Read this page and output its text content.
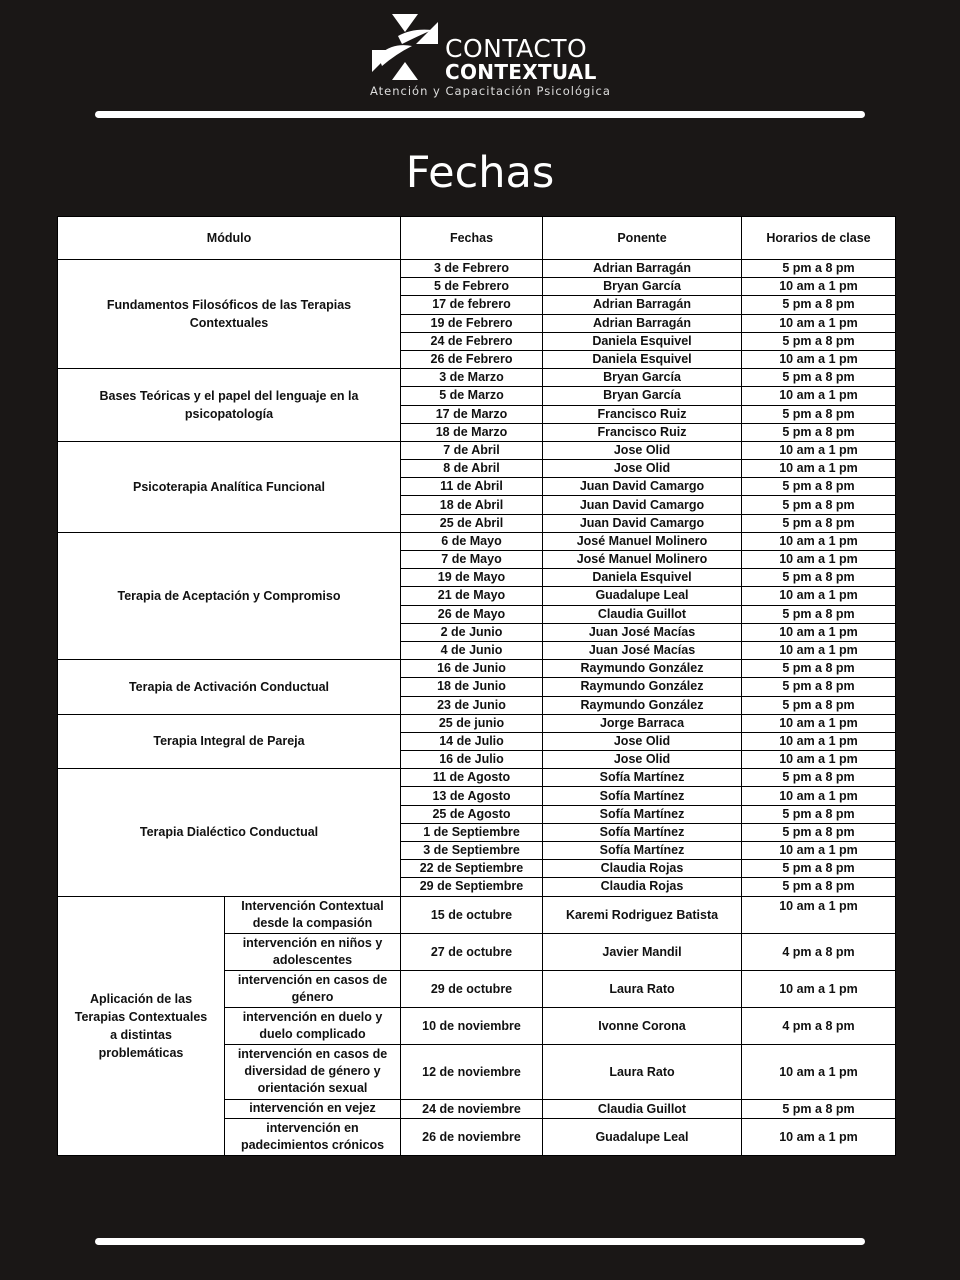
CONTACTO
CONTEXTUAL
Atención y Capacitación Psicológica
Fechas
Módulo		Fechas	Ponente	Horarios de clase
Fundamentos Filosóficos de las Terapias Contextuales		3 de Febrero	Adrian Barragán	5 pm a 8 pm
		5 de Febrero	Bryan García	10 am a 1 pm
		17 de febrero	Adrian Barragán	5 pm a 8 pm
		19 de Febrero	Adrian Barragán	10 am a 1 pm
		24 de Febrero	Daniela Esquivel	5 pm a 8 pm
		26 de Febrero	Daniela Esquivel	10 am a 1 pm
Bases Teóricas y el papel del lenguaje en la psicopatología		3 de Marzo	Bryan García	5 pm a 8 pm
		5 de Marzo	Bryan García	10 am a 1 pm
		17 de Marzo	Francisco Ruiz	5 pm a 8 pm
		18 de Marzo	Francisco Ruiz	5 pm a 8 pm
Psicoterapia Analítica Funcional		7 de Abril	Jose Olid	10 am a 1 pm
		8 de Abril	Jose Olid	10 am a 1 pm
		11 de Abril	Juan David Camargo	5 pm a 8 pm
		18 de Abril	Juan David Camargo	5 pm a 8 pm
		25 de Abril	Juan David Camargo	5 pm a 8 pm
Terapia de Aceptación y Compromiso		6 de Mayo	José Manuel Molinero	10 am a 1 pm
		7 de Mayo	José Manuel Molinero	10 am a 1 pm
		19 de Mayo	Daniela Esquivel	5 pm a 8 pm
		21 de Mayo	Guadalupe Leal	10 am a 1 pm
		26 de Mayo	Claudia Guillot	5 pm a 8 pm
		2 de Junio	Juan José Macías	10 am a 1 pm
		4 de Junio	Juan José Macías	10 am a 1 pm
Terapia de Activación Conductual		16 de Junio	Raymundo González	5 pm a 8 pm
		18 de Junio	Raymundo González	5 pm a 8 pm
		23 de Junio	Raymundo González	5 pm a 8 pm
Terapia Integral de Pareja		25 de junio	Jorge Barraca	10 am a 1 pm
		14 de Julio	Jose Olid	10 am a 1 pm
		16 de Julio	Jose Olid	10 am a 1 pm
Terapia Dialéctico Conductual		11 de Agosto	Sofía Martínez	5 pm a 8 pm
		13 de Agosto	Sofía Martínez	10 am a 1 pm
		25 de Agosto	Sofía Martínez	5 pm a 8 pm
		1 de Septiembre	Sofía Martínez	5 pm a 8 pm
		3 de Septiembre	Sofía Martínez	10 am a 1 pm
		22 de Septiembre	Claudia Rojas	5 pm a 8 pm
		29 de Septiembre	Claudia Rojas	5 pm a 8 pm
Aplicación de las Terapias Contextuales a distintas problemáticas	Intervención Contextual desde la compasión	15 de octubre	Karemi Rodriguez Batista	10 am a 1 pm
	intervención en niños y adolescentes	27 de octubre	Javier Mandil	4 pm a 8 pm
	intervención en casos de género	29 de octubre	Laura Rato	10 am a 1 pm
	intervención en duelo y duelo complicado	10 de noviembre	Ivonne Corona	4 pm a 8 pm
	intervención en casos de diversidad de género y orientación sexual	12 de noviembre	Laura Rato	10 am a 1 pm
	intervención en vejez	24 de noviembre	Claudia Guillot	5 pm a 8 pm
	intervención en padecimientos crónicos	26 de noviembre	Guadalupe Leal	10 am a 1 pm
